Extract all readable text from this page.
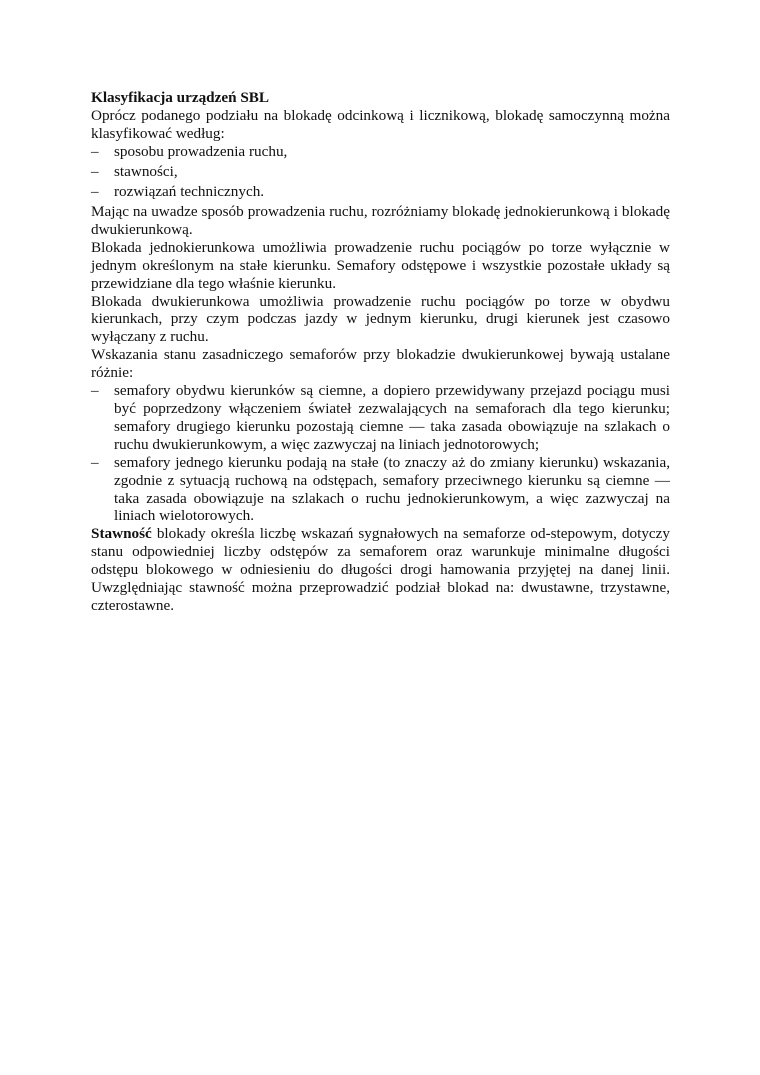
Klasyfikacja urządzeń SBL

Oprócz podanego podziału na blokadę odcinkową i licznikową, blokadę samoczynną można klasyfikować według:

– sposobu prowadzenia ruchu,
– stawności,
– rozwiązań technicznych.

Mając na uwadze sposób prowadzenia ruchu, rozróżniamy blokadę jednokierunkową i blokadę dwukierunkową.

Blokada jednokierunkowa umożliwia prowadzenie ruchu pociągów po torze wyłącznie w jednym określonym na stałe kierunku. Semafory odstępowe i wszystkie pozostałe układy są przewidziane dla tego właśnie kierunku.

Blokada dwukierunkowa umożliwia prowadzenie ruchu pociągów po torze w obydwu kierunkach, przy czym podczas jazdy w jednym kierunku, drugi kierunek jest czasowo wyłączany z ruchu.

Wskazania stanu zasadniczego semaforów przy blokadzie dwukierunkowej bywają ustalane różnie:

– semafory obydwu kierunków są ciemne, a dopiero przewidywany przejazd pociągu musi być poprzedzony włączeniem świateł zezwalających na semaforach dla tego kierunku; semafory drugiego kierunku pozostają ciemne — taka zasada obowiązuje na szlakach o ruchu dwukierunkowym, a więc zazwyczaj na liniach jednotorowych;
– semafory jednego kierunku podają na stałe (to znaczy aż do zmiany kierunku) wskazania, zgodnie z sytuacją ruchową na odstępach, semafory przeciwnego kierunku są ciemne — taka zasada obowiązuje na szlakach o ruchu jednokierunkowym, a więc zazwyczaj na liniach wielotorowych.

Stawność blokady określa liczbę wskazań sygnałowych na semaforze od-stepowym, dotyczy stanu odpowiedniej liczby odstępów za semaforem oraz warunkuje minimalne długości odstępu blokowego w odniesieniu do długości drogi hamowania przyjętej na danej linii. Uwzględniając stawność można przeprowadzić podział blokad na: dwustawne, trzystawne, czterostawne.
